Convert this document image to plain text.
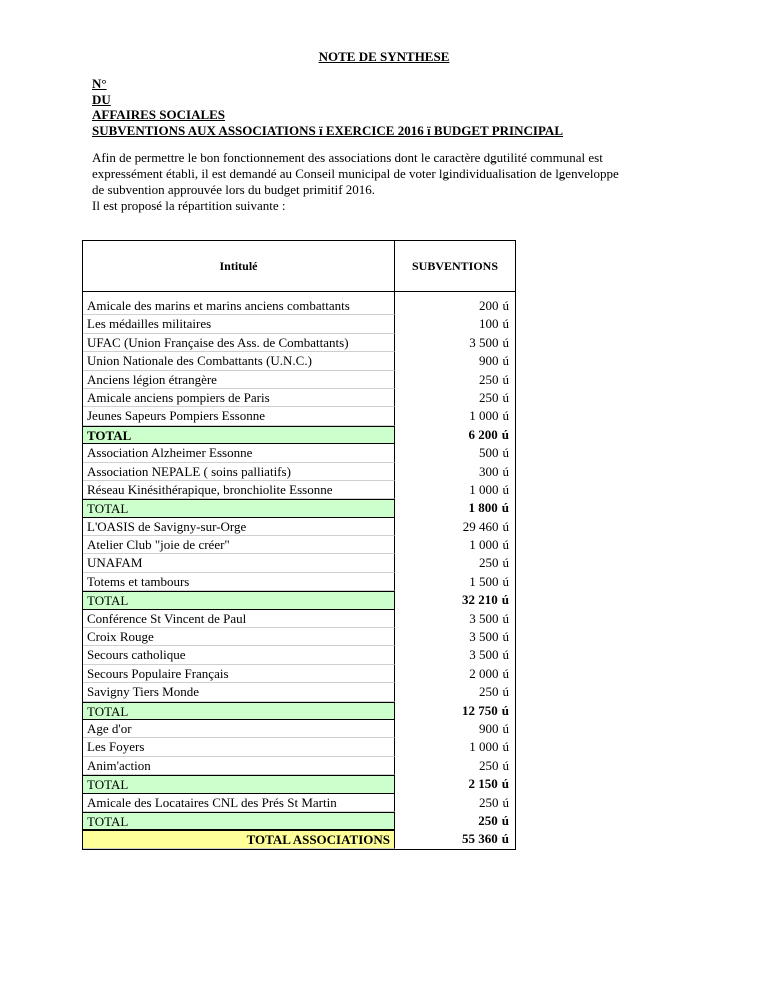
NOTE DE SYNTHESE
N°
DU
AFFAIRES SOCIALES
SUBVENTIONS AUX ASSOCIATIONS ï EXERCICE 2016 ï BUDGET PRINCIPAL
Afin de permettre le bon fonctionnement des associations dont le caractère dǥutilité communal est
expressément établi, il est demandé au Conseil municipal de voter lǥindividualisation de lǥenveloppe
de subvention approuvée lors du budget primitif 2016.
Il est proposé la répartition suivante :
Intitulé	SUBVENTIONS
Amicale des marins et marins anciens combattants	200 ú
Les médailles militaires	100 ú
UFAC (Union Française des Ass. de Combattants)	3 500 ú
Union Nationale des Combattants (U.N.C.)	900 ú
Anciens légion étrangère	250 ú
Amicale anciens pompiers de Paris	250 ú
Jeunes Sapeurs Pompiers Essonne	1 000 ú
TOTAL	6 200 ú
Association Alzheimer Essonne	500 ú
Association NEPALE ( soins palliatifs)	300 ú
Réseau Kinésithérapique, bronchiolite Essonne	1 000 ú
TOTAL	1 800 ú
L'OASIS de Savigny-sur-Orge	29 460 ú
Atelier Club "joie de créer"	1 000 ú
UNAFAM	250 ú
Totems et tambours	1 500 ú
TOTAL	32 210 ú
Conférence St Vincent de Paul	3 500 ú
Croix Rouge	3 500 ú
Secours catholique	3 500 ú
Secours Populaire Français	2 000 ú
Savigny Tiers Monde	250 ú
TOTAL	12 750 ú
Age d'or	900 ú
Les Foyers	1 000 ú
Anim'action	250 ú
TOTAL	2 150 ú
Amicale des Locataires CNL des Prés St Martin	250 ú
TOTAL	250 ú
TOTAL ASSOCIATIONS	55 360 ú
